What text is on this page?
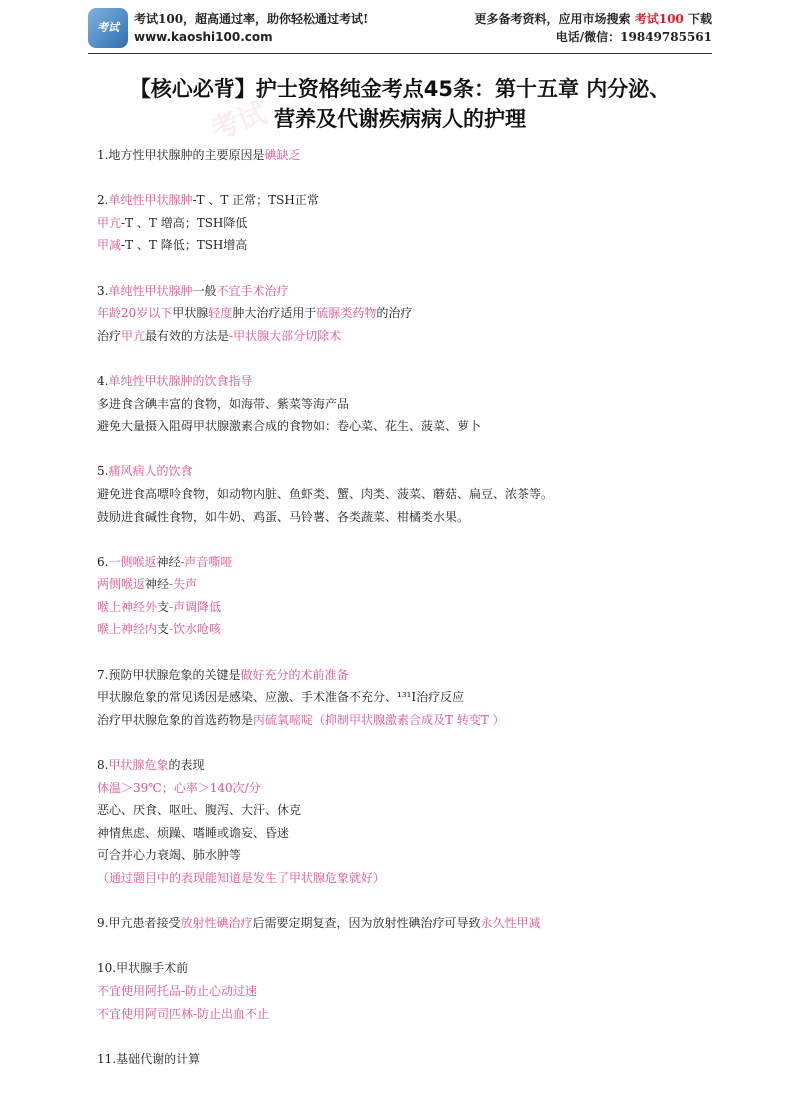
考试100
考试100，超高通过率，助你轻松通过考试!
www.kaoshi100.com
更多备考资料，应用市场搜索 考试100 下载
电话/微信：19849785561
考试
【核心必背】护士资格纯金考点45条：第十五章 内分泌、
营养及代谢疾病病人的护理
1.地方性甲状腺肿的主要原因是碘缺乏
2.单纯性甲状腺肿-T 、T 正常；TSH正常
甲亢-T 、T 增高；TSH降低
甲减-T 、T 降低；TSH增高
3.单纯性甲状腺肿一般不宜手术治疗
年龄20岁以下甲状腺轻度肿大治疗适用于硫脲类药物的治疗
治疗甲亢最有效的方法是-甲状腺大部分切除术
4.单纯性甲状腺肿的饮食指导
多进食含碘丰富的食物，如海带、紫菜等海产品
避免大量摄入阻碍甲状腺激素合成的食物如：卷心菜、花生、菠菜、萝卜
5.痛风病人的饮食
避免进食高嘌呤食物，如动物内脏、鱼虾类、蟹、肉类、菠菜、蘑菇、扁豆、浓茶等。
鼓励进食碱性食物，如牛奶、鸡蛋、马铃薯、各类蔬菜、柑橘类水果。
6.一侧喉返神经-声音嘶哑
两侧喉返神经-失声
喉上神经外支-声调降低
喉上神经内支-饮水呛咳
7.预防甲状腺危象的关键是做好充分的术前准备
甲状腺危象的常见诱因是感染、应激、手术准备不充分、¹³¹I治疗反应
治疗甲状腺危象的首选药物是丙硫氧嘧啶（抑制甲状腺激素合成及T 转变T ）
8.甲状腺危象的表现
体温＞39℃；心率＞140次/分
恶心、厌食、呕吐、腹泻、大汗、休克
神情焦虑、烦躁、嗜睡或谵妄、昏迷
可合并心力衰竭、肺水肿等
（通过题目中的表现能知道是发生了甲状腺危象就好）
9.甲亢患者接受放射性碘治疗后需要定期复查，因为放射性碘治疗可导致永久性甲减
10.甲状腺手术前
不宜使用阿托品-防止心动过速
不宜使用阿司匹林-防止出血不止
11.基础代谢的计算
